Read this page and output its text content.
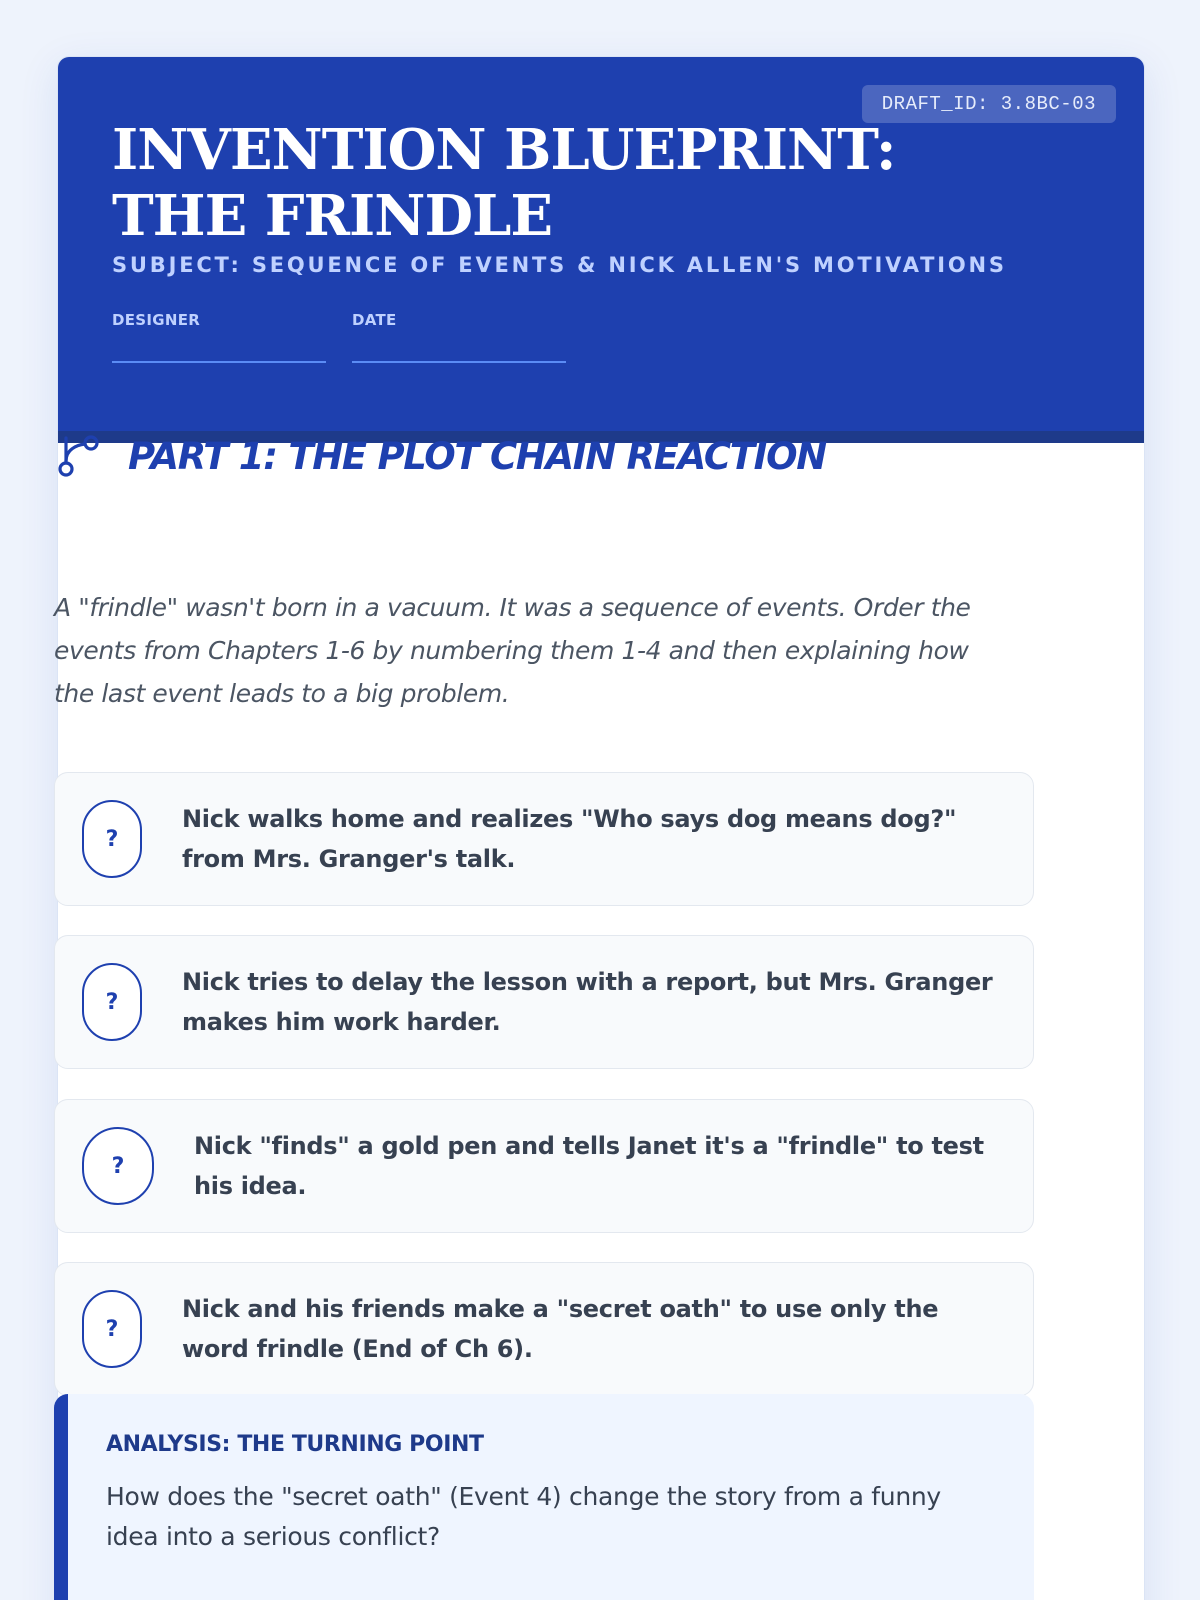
DRAFT_ID: 3.8BC-03
INVENTION BLUEPRINT: THE FRINDLE
SUBJECT: SEQUENCE OF EVENTS & NICK ALLEN'S MOTIVATIONS
DESIGNER	DATE
PART 1: THE PLOT CHAIN REACTION

A "frindle" wasn't born in a vacuum. It was a sequence of events. Order the events from Chapters 1-6 by numbering them 1-4 and then explaining how the last event leads to a big problem.

?
Nick walks home and realizes "Who says dog means dog?" from Mrs. Granger's talk.
?
Nick tries to delay the lesson with a report, but Mrs. Granger makes him work harder.
?
Nick "finds" a gold pen and tells Janet it's a "frindle" to test his idea.
?
Nick and his friends make a "secret oath" to use only the word frindle (End of Ch 6).
ANALYSIS: THE TURNING POINT
How does the "secret oath" (Event 4) change the story from a funny idea into a serious conflict?
